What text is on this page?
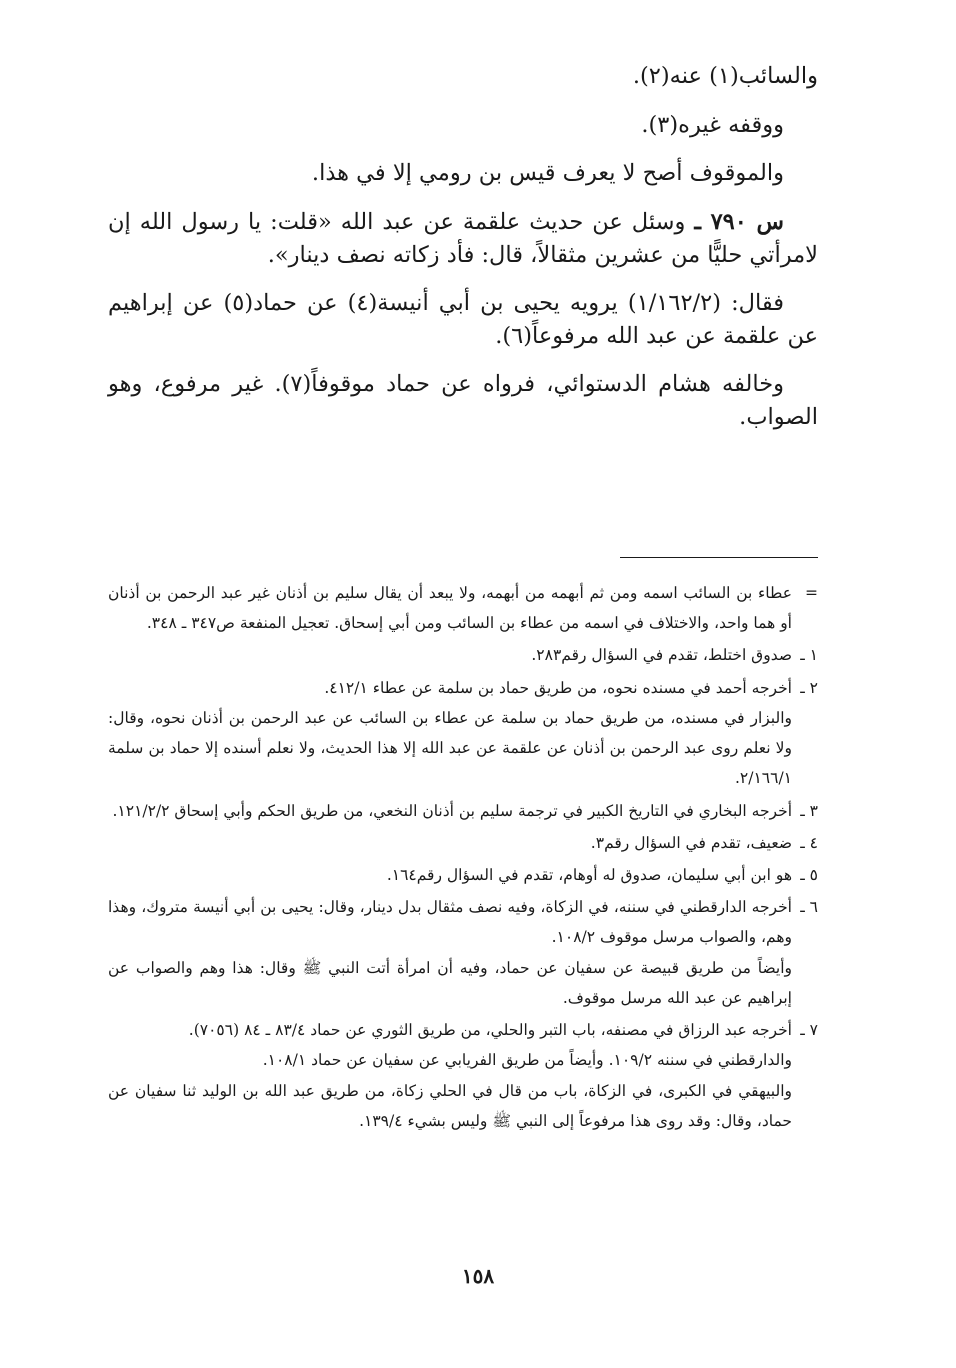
والسائب(١) عنه(٢).

ووقفه غيره(٣).

والموقوف أصح لا يعرف قيس بن رومي إلا في هذا.

س ٧٩٠ ـ وسئل عن حديث علقمة عن عبد الله «قلت: يا رسول الله إن لامرأتي حليًّا من عشرين مثقالاً، قال: فأد زكاته نصف دينار».

فقال: (١/١٦٢/٢) يرويه يحيى بن أبي أنيسة(٤) عن حماد(٥) عن إبراهيم عن علقمة عن عبد الله مرفوعاً(٦).

وخالفه هشام الدستوائي، فرواه عن حماد موقوفاً(٧). غير مرفوع، وهو الصواب.

=
عطاء بن السائب اسمه ومن ثم أبهمه من أبهمه، ولا يبعد أن يقال سليم بن أذنان غير عبد الرحمن بن أذنان أو هما واحد، والاختلاف في اسمه من عطاء بن السائب ومن أبي إسحاق. تعجيل المنفعة ص٣٤٧ ـ ٣٤٨.
١ ـ
صدوق اختلط، تقدم في السؤال رقم٢٨٣.
٢ ـ
أخرجه أحمد في مسنده نحوه، من طريق حماد بن سلمة عن عطاء ٤١٢/١.
والبزار في مسنده، من طريق حماد بن سلمة عن عطاء بن السائب عن عبد الرحمن بن أذنان نحوه، وقال: ولا نعلم روى عبد الرحمن بن أذنان عن علقمة عن عبد الله إلا هذا الحديث، ولا نعلم أسنده إلا حماد بن سلمة ٢/١٦٦/١.
٣ ـ
أخرجه البخاري في التاريخ الكبير في ترجمة سليم بن أذنان النخعي، من طريق الحكم وأبي إسحاق ١٢١/٢/٢.
٤ ـ
ضعيف، تقدم في السؤال رقم٣.
٥ ـ
هو ابن أبي سليمان، صدوق له أوهام، تقدم في السؤال رقم١٦٤.
٦ ـ
أخرجه الدارقطني في سننه، في الزكاة، وفيه نصف مثقال بدل دينار، وقال: يحيى بن أبي أنيسة متروك، وهذا وهم، والصواب مرسل موقوف ١٠٨/٢.
وأيضاً من طريق قبيصة عن سفيان عن حماد، وفيه أن امرأة أتت النبي ﷺ وقال: هذا وهم والصواب عن إبراهيم عن عبد الله مرسل موقوف.
٧ ـ
أخرجه عبد الرزاق في مصنفه، باب التبر والحلي، من طريق الثوري عن حماد ٨٣/٤ ـ ٨٤ (٧٠٥٦).
والدارقطني في سننه ١٠٩/٢. وأيضاً من طريق الفريابي عن سفيان عن حماد ١٠٨/١.
والبيهقي في الكبرى، في الزكاة، باب من قال في الحلي زكاة، من طريق عبد الله بن الوليد ثنا سفيان عن حماد، وقال: وقد روى هذا مرفوعاً إلى النبي ﷺ وليس بشيء ١٣٩/٤.
١٥٨
